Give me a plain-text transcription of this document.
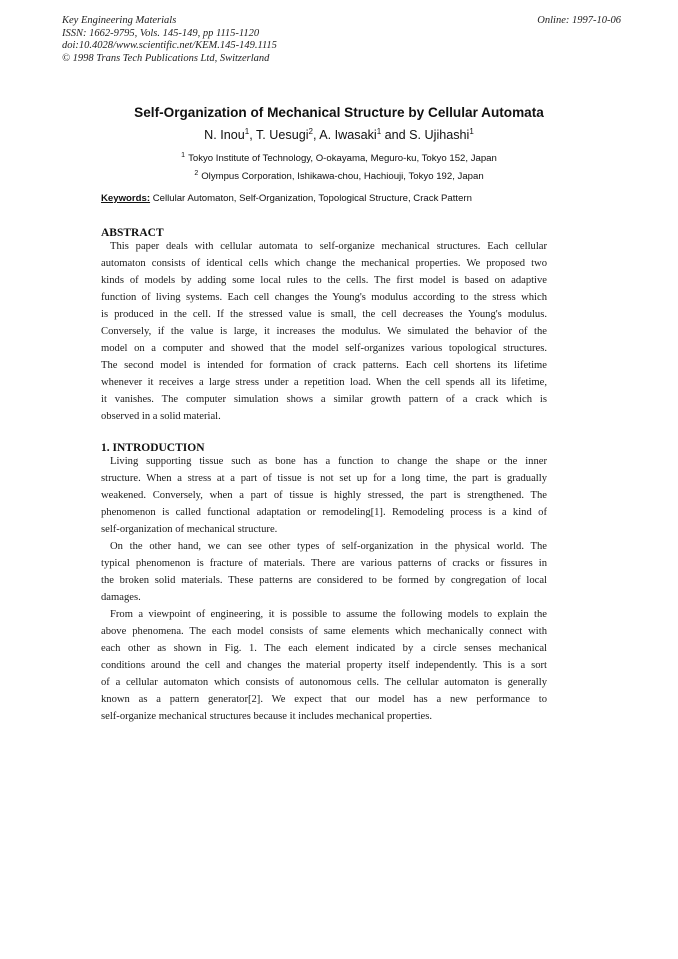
Key Engineering Materials
ISSN: 1662-9795, Vols. 145-149, pp 1115-1120
doi:10.4028/www.scientific.net/KEM.145-149.1115
© 1998 Trans Tech Publications Ltd, Switzerland
Online: 1997-10-06
Self-Organization of Mechanical Structure by Cellular Automata
N. Inou$^1$, T. Uesugi$^2$, A. Iwasaki$^1$ and S. Ujihashi$^1$
$^1$ Tokyo Institute of Technology, O-okayama, Meguro-ku, Tokyo 152, Japan
$^2$ Olympus Corporation, Ishikawa-chou, Hachiouji, Tokyo 192, Japan
Keywords: Cellular Automaton, Self-Organization, Topological Structure, Crack Pattern
ABSTRACT
This paper deals with cellular automata to self-organize mechanical structures. Each cellular
automaton consists of identical cells which change the mechanical properties. We proposed two
kinds of models by adding some local rules to the cells. The first model is based on adaptive
function of living systems. Each cell changes the Young's modulus according to the stress which
is produced in the cell. If the stressed value is small, the cell decreases the Young's modulus.
Conversely, if the value is large, it increases the modulus. We simulated the behavior of the
model on a computer and showed that the model self-organizes various topological structures.
The second model is intended for formation of crack patterns. Each cell shortens its lifetime
whenever it receives a large stress under a repetition load. When the cell spends all its lifetime,
it vanishes. The computer simulation shows a similar growth pattern of a crack which is
observed in a solid material.
1. INTRODUCTION
Living supporting tissue such as bone has a function to change the shape or the inner
structure. When a stress at a part of tissue is not set up for a long time, the part is gradually
weakened. Conversely, when a part of tissue is highly stressed, the part is strengthened. The
phenomenon is called functional adaptation or remodeling[1]. Remodeling process is a kind of
self-organization of mechanical structure.
On the other hand, we can see other types of self-organization in the physical world. The
typical phenomenon is fracture of materials. There are various patterns of cracks or fissures in
the broken solid materials. These patterns are considered to be formed by congregation of local
damages.
From a viewpoint of engineering, it is possible to assume the following models to explain the
above phenomena. The each model consists of same elements which mechanically connect with
each other as shown in Fig. 1. The each element indicated by a circle senses mechanical
conditions around the cell and changes the material property itself independently. This is a sort
of a cellular automaton which consists of autonomous cells. The cellular automaton is generally
known as a pattern generator[2]. We expect that our model has a new performance to
self-organize mechanical structures because it includes mechanical properties.
